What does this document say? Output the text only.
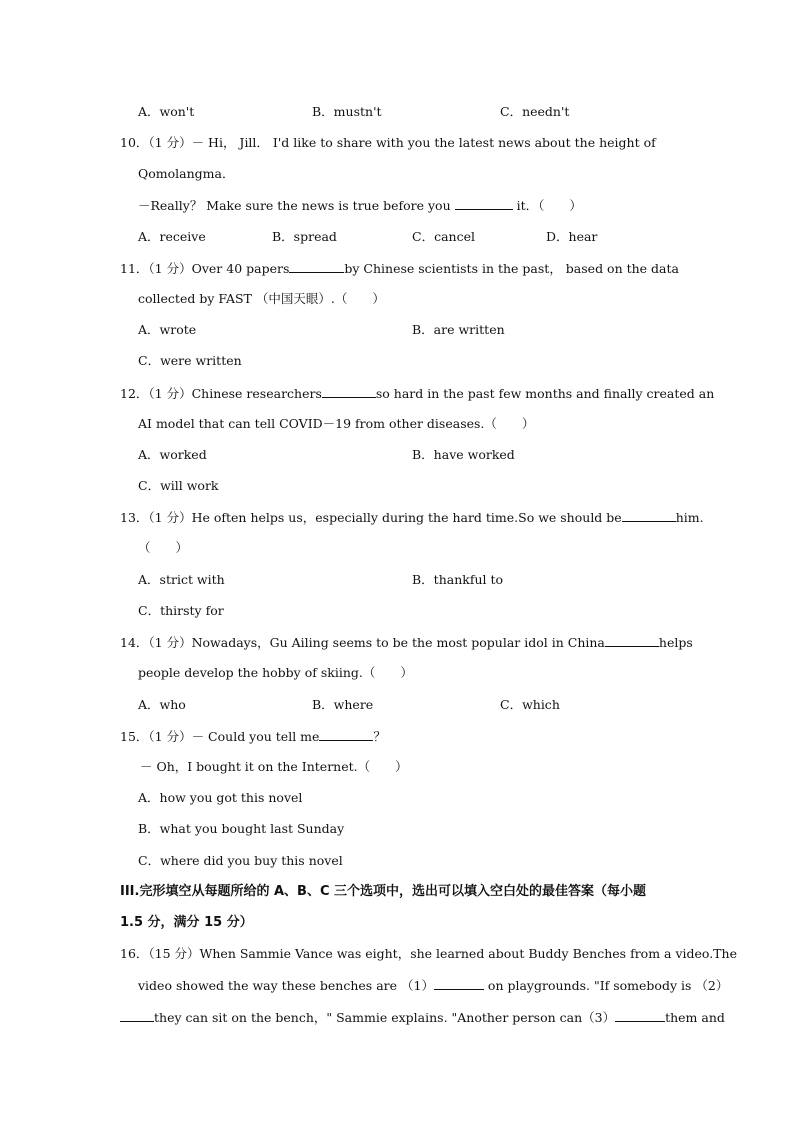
A．won't	B．mustn't	C．needn't
10．（1 分）－ Hi， Jill． I'd like to share with you the latest news about the height of
Qomolangma．
－Really？ Make sure the news is true before you	it．（　　）
A．receive	B．spread	C．cancel	D．hear
11．（1 分）Over 40 papers	by Chinese scientists in the past， based on the data
collected by FAST （中国天眼）.（　　）
A．wrote	B．are written
C．were written
12．（1 分）Chinese researchers	so hard in the past few months and finally created an
AI model that can tell COVID－19 from other diseases.（　　）
A．worked	B．have worked
C．will work
13．（1 分）He often helps us，especially during the hard time.So we should be	him.
（　　）
A．strict with	B．thankful to
C．thirsty for
14．（1 分）Nowadays，Gu Ailing seems to be the most popular idol in China	helps
people develop the hobby of skiing.（　　）
A．who	B．where	C．which
15．（1 分）－ Could you tell me	？
－ Oh，I bought it on the Internet.（　　）
A．how you got this novel
B．what you bought last Sunday
C．where did you buy this novel
III.完形填空从每题所给的 A、B、C 三个选项中，选出可以填入空白处的最佳答案（每小题
1.5 分，满分 15 分）
16．（15 分）When Sammie Vance was eight，she learned about Buddy Benches from a video.The
video showed the way these benches are （1）	on playgrounds. "If somebody is （2）
they can sit on the bench，" Sammie explains. "Another person can（3）	them and
